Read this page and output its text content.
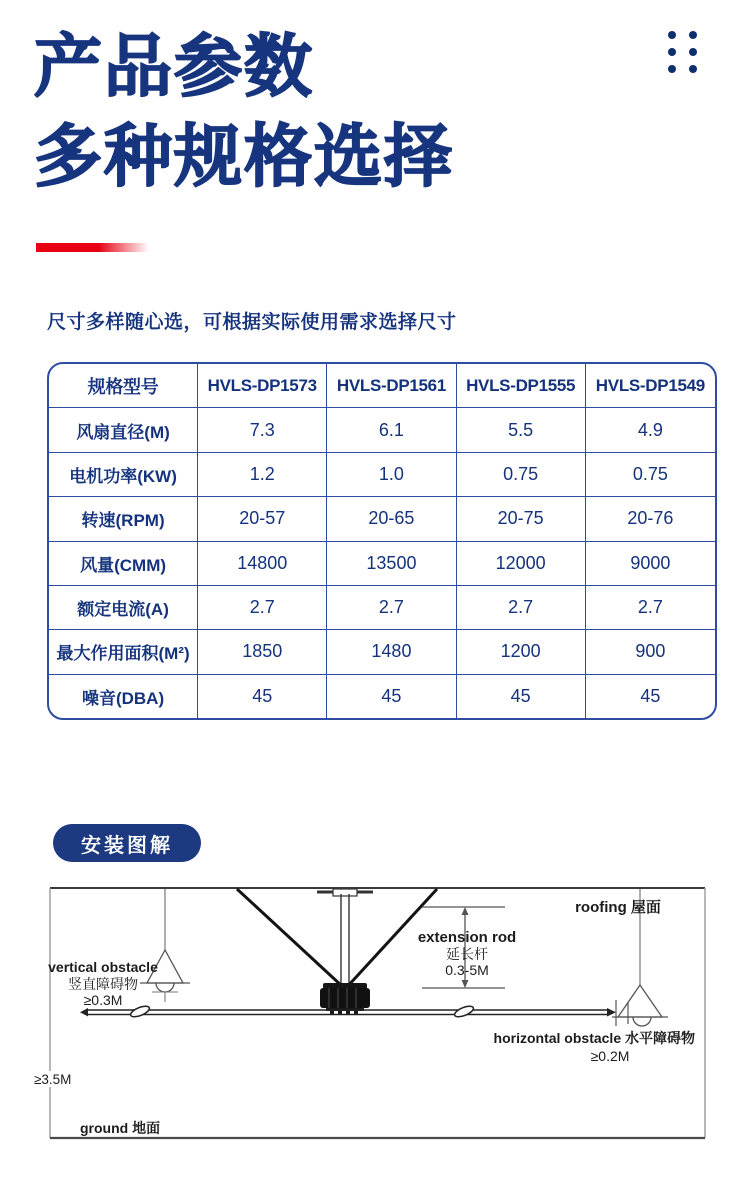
产品参数
多种规格选择
尺寸多样随心选，可根据实际使用需求选择尺寸
规格型号	HVLS-DP1573	HVLS-DP1561	HVLS-DP1555	HVLS-DP1549
风扇直径(M)	7.3	6.1	5.5	4.9
电机功率(KW)	1.2	1.0	0.75	0.75
转速(RPM)	20-57	20-65	20-75	20-76
风量(CMM)	14800	13500	12000	9000
额定电流(A)	2.7	2.7	2.7	2.7
最大作用面积(M²)	1850	1480	1200	900
噪音(DBA)	45	45	45	45
安装图解
roofing 屋面
extension rod
延长杆
0.3-5M
vertical obstacle
竖直障碍物
≥0.3M
horizontal obstacle 水平障碍物
≥0.2M
≥3.5M
ground 地面
